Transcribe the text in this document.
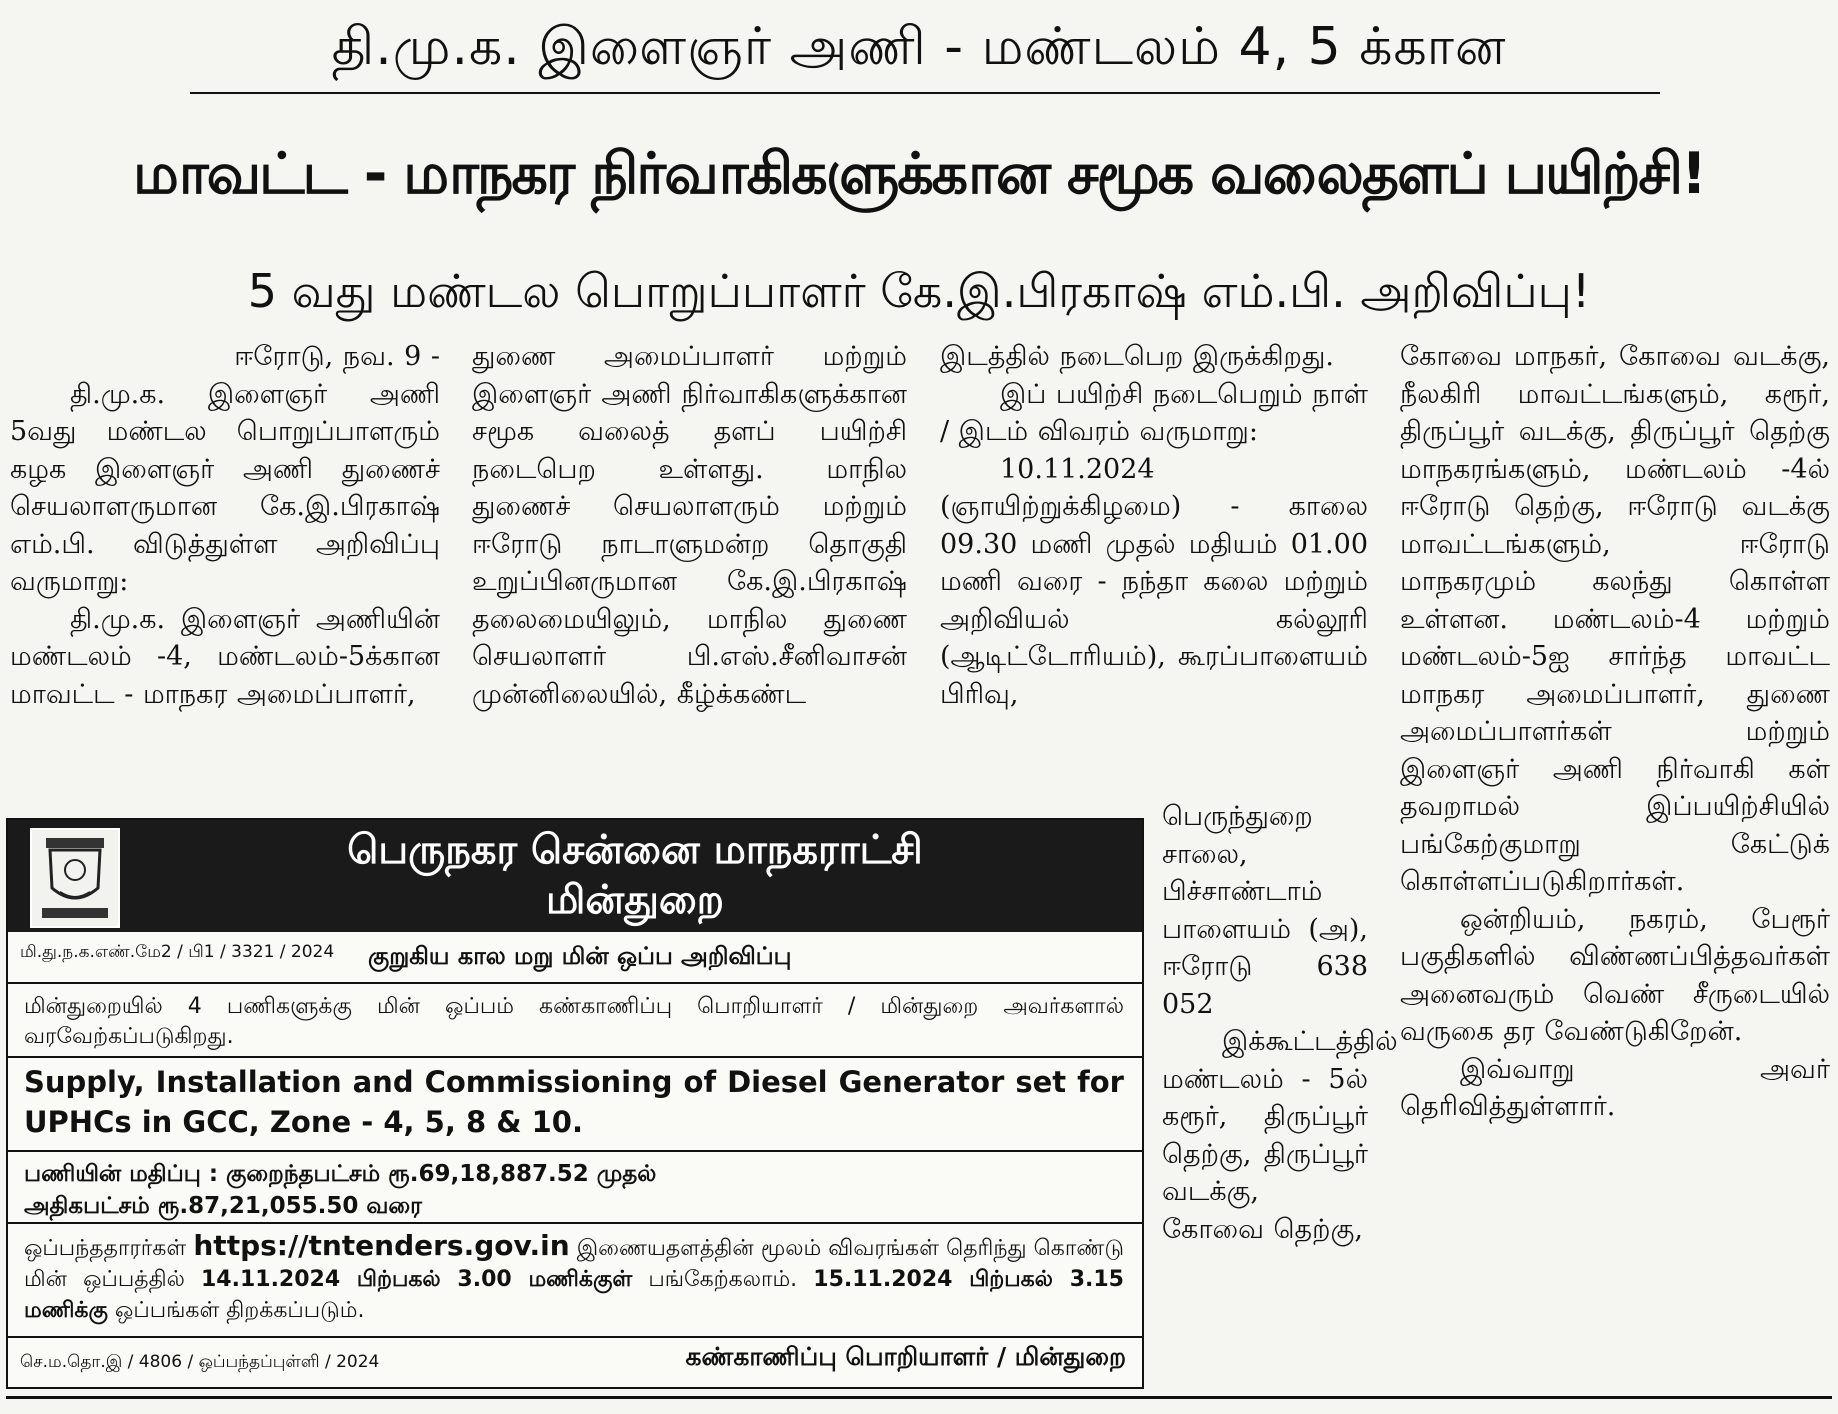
தி.மு.க. இளைஞர் அணி - மண்டலம் 4, 5 க்கான
மாவட்ட - மாநகர நிர்வாகிகளுக்கான சமூக வலைதளப் பயிற்சி!
5 வது மண்டல பொறுப்பாளர் கே.இ.பிரகாஷ் எம்.பி. அறிவிப்பு!

ஈரோடு, நவ. 9 -

தி.மு.க. இளைஞர் அணி 5வது மண்டல பொறுப்பாளரும் கழக இளைஞர் அணி துணைச் செயலாளருமான கே.இ.பிரகாஷ் எம்.பி. விடுத்துள்ள அறிவிப்பு வருமாறு:

தி.மு.க. இளைஞர் அணியின் மண்டலம் -4, மண்டலம்-5க்கான மாவட்ட - மாநகர அமைப்பாளர்,

துணை அமைப்பாளர் மற்றும் இளைஞர் அணி நிர்வாகிகளுக்கான சமூக வலைத் தளப் பயிற்சி நடைபெற உள்ளது. மாநில துணைச் செயலாளரும் மற்றும் ஈரோடு நாடாளுமன்ற தொகுதி உறுப்பினருமான கே.இ.பிரகாஷ் தலைமையிலும், மாநில துணை செயலாளர் பி.எஸ்.சீனிவாசன் முன்னிலையில், கீழ்க்கண்ட

இடத்தில் நடைபெற இருக்கிறது.

இப் பயிற்சி நடைபெறும் நாள் / இடம் விவரம் வருமாறு:

10.11.2024 (ஞாயிற்றுக்கிழமை) - காலை 09.30 மணி முதல் மதியம் 01.00 மணி வரை - நந்தா கலை மற்றும் அறிவியல் கல்லூரி (ஆடிட்டோரியம்), கூரப்பாளையம் பிரிவு,

பெருந்துறை சாலை, பிச்சாண்டாம் பாளையம் (அ), ஈரோடு 638 052

இக்கூட்டத்தில் மண்டலம் - 5ல் கரூர், திருப்பூர் தெற்கு, திருப்பூர் வடக்கு, கோவை தெற்கு,

கோவை மாநகர், கோவை வடக்கு, நீலகிரி மாவட்டங்களும், கரூர், திருப்பூர் வடக்கு, திருப்பூர் தெற்கு மாநகரங்களும், மண்டலம் -4ல் ஈரோடு தெற்கு, ஈரோடு வடக்கு மாவட்டங்களும், ஈரோடு மாநகரமும் கலந்து கொள்ள உள்ளன. மண்டலம்-4 மற்றும் மண்டலம்-5ஐ சார்ந்த மாவட்ட மாநகர அமைப்பாளர், துணை அமைப்பாளர்கள் மற்றும் இளைஞர் அணி நிர்வாகி கள் தவறாமல் இப்பயிற்சியில் பங்கேற்குமாறு கேட்டுக் கொள்ளப்படுகிறார்கள்.

ஒன்றியம், நகரம், பேரூர் பகுதிகளில் விண்ணப்பித்தவர்கள் அனைவரும் வெண் சீருடையில் வருகை தர வேண்டுகிறேன்.

இவ்வாறு அவர் தெரிவித்துள்ளார்.

பெருநகர சென்னை மாநகராட்சி
மின்துறை
மி.து.ந.க.எண்.மே2 / பி1 / 3321 / 2024 குறுகிய கால மறு மின் ஒப்ப அறிவிப்பு
மின்துறையில் 4 பணிகளுக்கு மின் ஒப்பம் கண்காணிப்பு பொறியாளர் / மின்துறை அவர்களால் வரவேற்கப்படுகிறது.
Supply, Installation and Commissioning of Diesel Generator set for UPHCs in GCC, Zone - 4, 5, 8 & 10.
பணியின் மதிப்பு : குறைந்தபட்சம் ரூ.69,18,887.52 முதல்
அதிகபட்சம் ரூ.87,21,055.50 வரை
ஒப்பந்ததாரர்கள் https://tntenders.gov.in இணையதளத்தின் மூலம் விவரங்கள் தெரிந்து கொண்டு மின் ஒப்பத்தில் 14.11.2024 பிற்பகல் 3.00 மணிக்குள் பங்கேற்கலாம். 15.11.2024 பிற்பகல் 3.15 மணிக்கு ஒப்பங்கள் திறக்கப்படும்.
செ.ம.தொ.இ / 4806 / ஒப்பந்தப்புள்ளி / 2024	கண்காணிப்பு பொறியாளர் / மின்துறை
